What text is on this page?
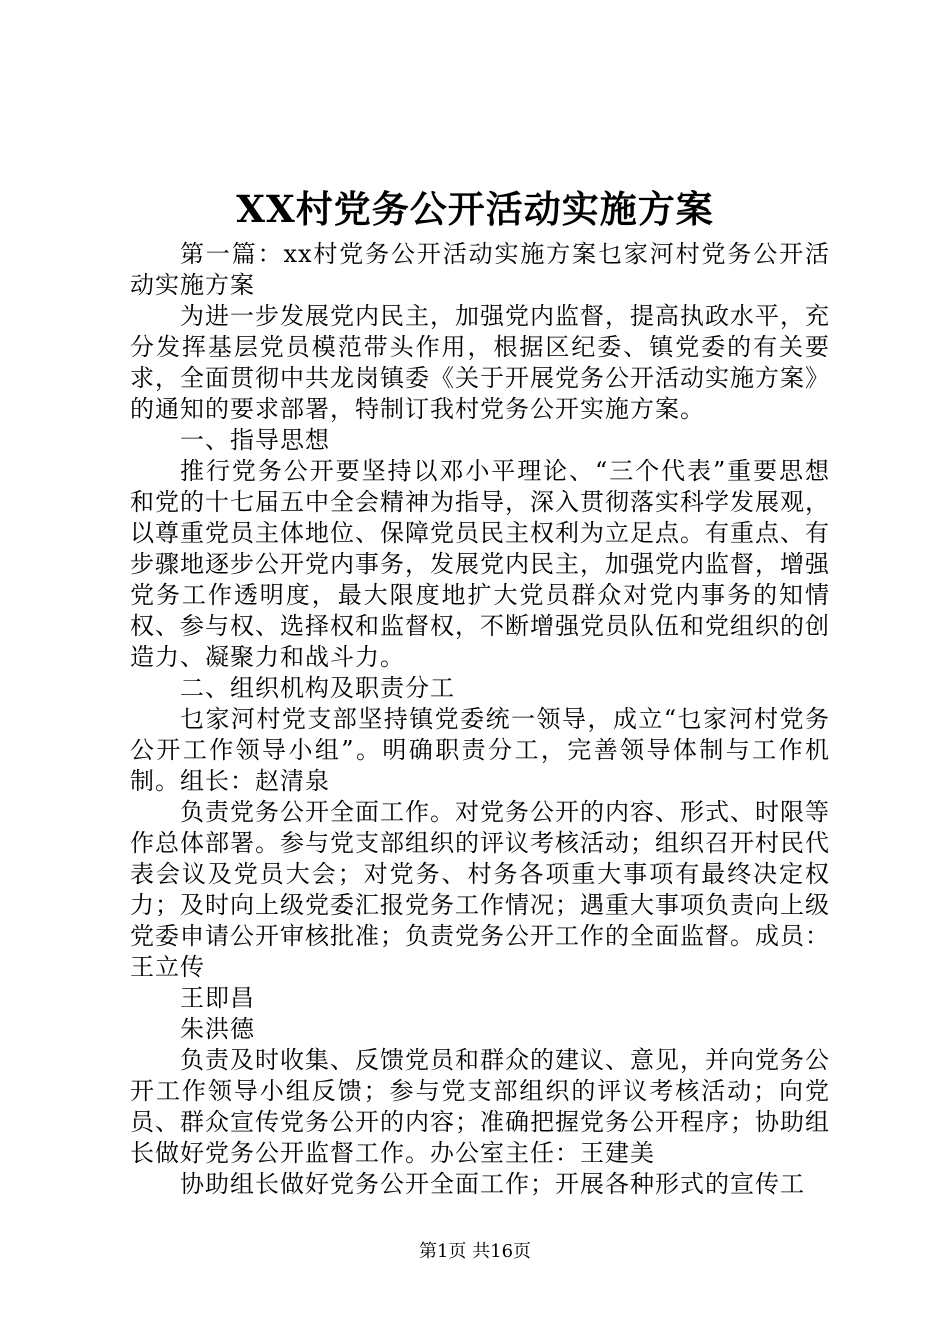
XX村党务公开活动实施方案

第一篇：xx村党务公开活动实施方案乜家河村党务公开活动实施方案

为进一步发展党内民主，加强党内监督，提高执政水平，充分发挥基层党员模范带头作用，根据区纪委、镇党委的有关要求，全面贯彻中共龙岗镇委《关于开展党务公开活动实施方案》的通知的要求部署，特制订我村党务公开实施方案。

一、指导思想

推行党务公开要坚持以邓小平理论、“三个代表”重要思想和党的十七届五中全会精神为指导，深入贯彻落实科学发展观，以尊重党员主体地位、保障党员民主权利为立足点。有重点、有步骤地逐步公开党内事务，发展党内民主，加强党内监督，增强党务工作透明度，最大限度地扩大党员群众对党内事务的知情权、参与权、选择权和监督权，不断增强党员队伍和党组织的创造力、凝聚力和战斗力。

二、组织机构及职责分工

乜家河村党支部坚持镇党委统一领导，成立“乜家河村党务公开工作领导小组”。明确职责分工，完善领导体制与工作机制。组长：赵清泉

负责党务公开全面工作。对党务公开的内容、形式、时限等作总体部署。参与党支部组织的评议考核活动；组织召开村民代表会议及党员大会；对党务、村务各项重大事项有最终决定权力；及时向上级党委汇报党务工作情况；遇重大事项负责向上级党委申请公开审核批准；负责党务公开工作的全面监督。成员：王立传

王即昌

朱洪德

负责及时收集、反馈党员和群众的建议、意见，并向党务公开工作领导小组反馈；参与党支部组织的评议考核活动；向党员、群众宣传党务公开的内容；准确把握党务公开程序；协助组长做好党务公开监督工作。办公室主任：王建美

协助组长做好党务公开全面工作；开展各种形式的宣传工

第1页 共16页
